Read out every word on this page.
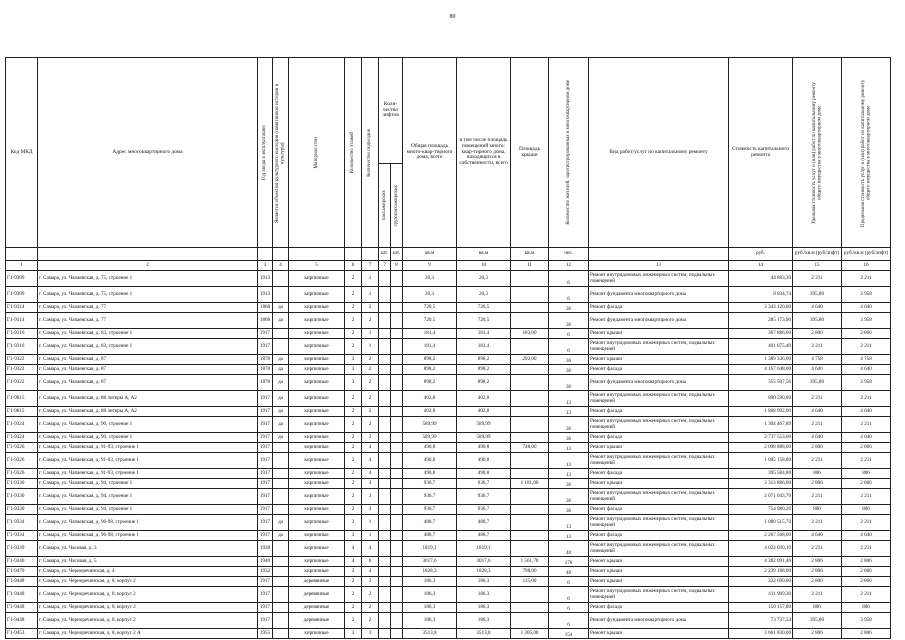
80
Код МКД	Адрес многоквартирного дома	Год ввода в эксплуатацию	Является объектом культурного наследия (памятником истории и культуры)	Материал стен	Количество этажей	Количество подъездов	Коли-чество лифтов		Общая площадь много-квар-тирного дома, всего	в том числе площадь помещений много-квар-тирного дома, находящихся в собственности, всего	Площадь крыши	Количество жителей, зарегистрированных в многоквартирном доме	Вид работ/услуг по капитальному ремонту	Стоимость капитального ремонта	Удельная стоимость услуг и (или) работ по капитальному ремонту общего имущества в многоквартирном доме	Предельная стоимость услуг и (или) работ по капитальному ремонту общего имущества в многоквартирном доме

							пассажирских	грузопассажирских								

							шт.	шт.	кв.м	кв.м	кв.м	чел.		руб.	руб./кв.м (руб/лифт)	руб./кв.м (руб/лифт)
1	2	3	4	5	6	7	7	8	9	10	11	12	13	14	15	16
Г1-9309	г. Самара, ул. Чапаевская, д. 75, строение 1	1913		кирпичные	2	1			20,3	20,3		6	Ремонт внутридомовых инженерных систем, подвальных помещений	44 883,30	2 211	2 211
Г1-9309	г. Самара, ул. Чапаевская, д. 75, строение 1	1913		кирпичные	2	1			20,3	20,3		6	Ремонт фундамента многоквартирного дома	8 034,74	395,80	3 958
Г1-9314	г. Самара, ул. Чапаевская, д. 77	1868	да	кирпичные	2	2			720,5	720,5		36	Ремонт фасада	3 343 120,00	4 640	4 640
Г1-9314	г. Самара, ул. Чапаевская, д. 77	1868	да	кирпичные	2	2			720,5	720,5		36	Ремонт фундамента многоквартирного дома	285 173,90	395,80	3 958
Г1-9316	г. Самара, ул. Чапаевская, д. 83, строение 1	1917		кирпичные	2	1			181,4	181,4	183,00	6	Ремонт крыши	367 886,00	2 806	2 806
Г1-9316	г. Самара, ул. Чапаевская, д. 83, строение 1	1917		кирпичные	2	1			181,4	181,4		6	Ремонт внутридомовых инженерных систем, подвальных помещений	401 075,40	2 211	2 211
Г1-9322	г. Самара, ул. Чапаевская, д. 87	1878	да	кирпичные	3	2			898,2	898,2	292,00	36	Ремонт крыши	1 389 336,00	4 758	4 758
Г1-9322	г. Самара, ул. Чапаевская, д. 87	1878	да	кирпичные	3	2			898,2	898,2		36	Ремонт фасада	4 167 648,00	4 640	4 640
Г1-9322	г. Самара, ул. Чапаевская, д. 87	1878	да	кирпичные	3	2			898,2	898,2		36	Ремонт фундамента многоквартирного дома	355 507,56	395,80	3 958
Г1-9815	г. Самара, ул. Чапаевская, д. 88 литеры А, А2	1917	да	кирпичные	2	2			402,8	402,8		13	Ремонт внутридомовых инженерных систем, подвальных помещений	890 590,80	2 211	2 211
Г1-9815	г. Самара, ул. Чапаевская, д. 88 литеры А, А2	1917	да	кирпичные	2	2			402,8	402,8		13	Ремонт фасада	1 868 992,00	4 640	4 640
Г1-9324	г. Самара, ул. Чапаевская, д. 90, строение 1	1917	да	кирпичные	2	2			589,99	589,99		36	Ремонт внутридомовых инженерных систем, подвальных помещений	1 304 467,89	2 211	2 211
Г1-9324	г. Самара, ул. Чапаевская, д. 90, строение 1	1917	да	кирпичные	2	2			589,99	589,99		36	Ремонт фасада	2 737 553,60	4 640	4 640
Г1-9326	г. Самара, ул. Чапаевская, д. 91-93, строение 1	1917		кирпичные	2	4			490,8	490,8	748,00	13	Ремонт крыши	2 098 888,00	2 806	2 806
Г1-9326	г. Самара, ул. Чапаевская, д. 91-93, строение 1	1917		кирпичные	2	4			490,8	490,8		13	Ремонт внутридомовых инженерных систем, подвальных помещений	1 085 158,80	2 211	2 211
Г1-9326	г. Самара, ул. Чапаевская, д. 91-93, строение 1	1917		кирпичные	2	4			490,8	490,8		13	Ремонт фасада	395 584,80	806	806
Г1-9330	г. Самара, ул. Чапаевская, д. 94, строение 1	1917		кирпичные	2	3			936,7	936,7	1 181,00	36	Ремонт крыши	3 313 886,00	2 806	2 806
Г1-9330	г. Самара, ул. Чапаевская, д. 94, строение 1	1917		кирпичные	2	3			936,7	936,7		36	Ремонт внутридомовых инженерных систем, подвальных помещений	2 071 043,70	2 211	2 211
Г1-9330	г. Самара, ул. Чапаевская, д. 94, строение 1	1917		кирпичные	2	3			936,7	936,7		36	Ремонт фасада	754 980,20	806	806
Г1-9334	г. Самара, ул. Чапаевская, д. 96-98, строение 1	1917	да	кирпичные	3	1			488,7	488,7		13	Ремонт внутридомовых инженерных систем, подвальных помещений	1 080 515,70	2 211	2 211
Г1-9334	г. Самара, ул. Чапаевская, д. 96-98, строение 1	1917	да	кирпичные	3	1			488,7	488,7		13	Ремонт фасада	2 267 568,00	4 640	4 640
Г1-9339	г. Самара, ул. Чаcовая, д. 3	1938		кирпичные	4	4			1819,1	1819,1		48	Ремонт внутридомовых инженерных систем, подвальных помещений	4 022 030,10	2 211	2 211
Г1-9340	г. Самара, ул. Часовая, д. 5	1940		кирпичные	4	6			3017,6	3017,6	1 561,70	176	Ремонт крыши	4 382 091,40	2 806	2 806
Г1-9470	г. Самара, ул. Черноречинская, д. 4	1932		кирпичные	3	4			1828,3	1828,3	798,00	48	Ремонт крыши	2 239 188,00	2 806	2 806
Г1-9448	г. Самара, ул. Черноречинская, д. 8, корпус 2	1917		деревянные	2	2			186,3	186,3	115,00	6	Ремонт крыши	322 690,00	2 806	2 806
Г1-9448	г. Самара, ул. Черноречинская, д. 8, корпус 2	1917		деревянные	2	2			186,3	186,3		6	Ремонт внутридомовых инженерных систем, подвальных помещений	411 909,30	2 211	2 211
Г1-9448	г. Самара, ул. Черноречинская, д. 8, корпус 2	1917		деревянные	2	2			186,3	186,3		6	Ремонт фасада	150 157,80	806	806
Г1-9448	г. Самара, ул. Черноречинская, д. 8, корпус 2	1917		деревянные	2	2			186,3	186,3		6	Ремонт фундамента многоквартирного дома	73 737,54	395,80	3 958
Г1-9453	г. Самара, ул. Черноречинская, д. 8, корпус 2 А	1955		кирпичные	3	3			3513,8	3513,8	1 305,00	154	Ремонт крыши	3 661 830,00	2 806	2 806
